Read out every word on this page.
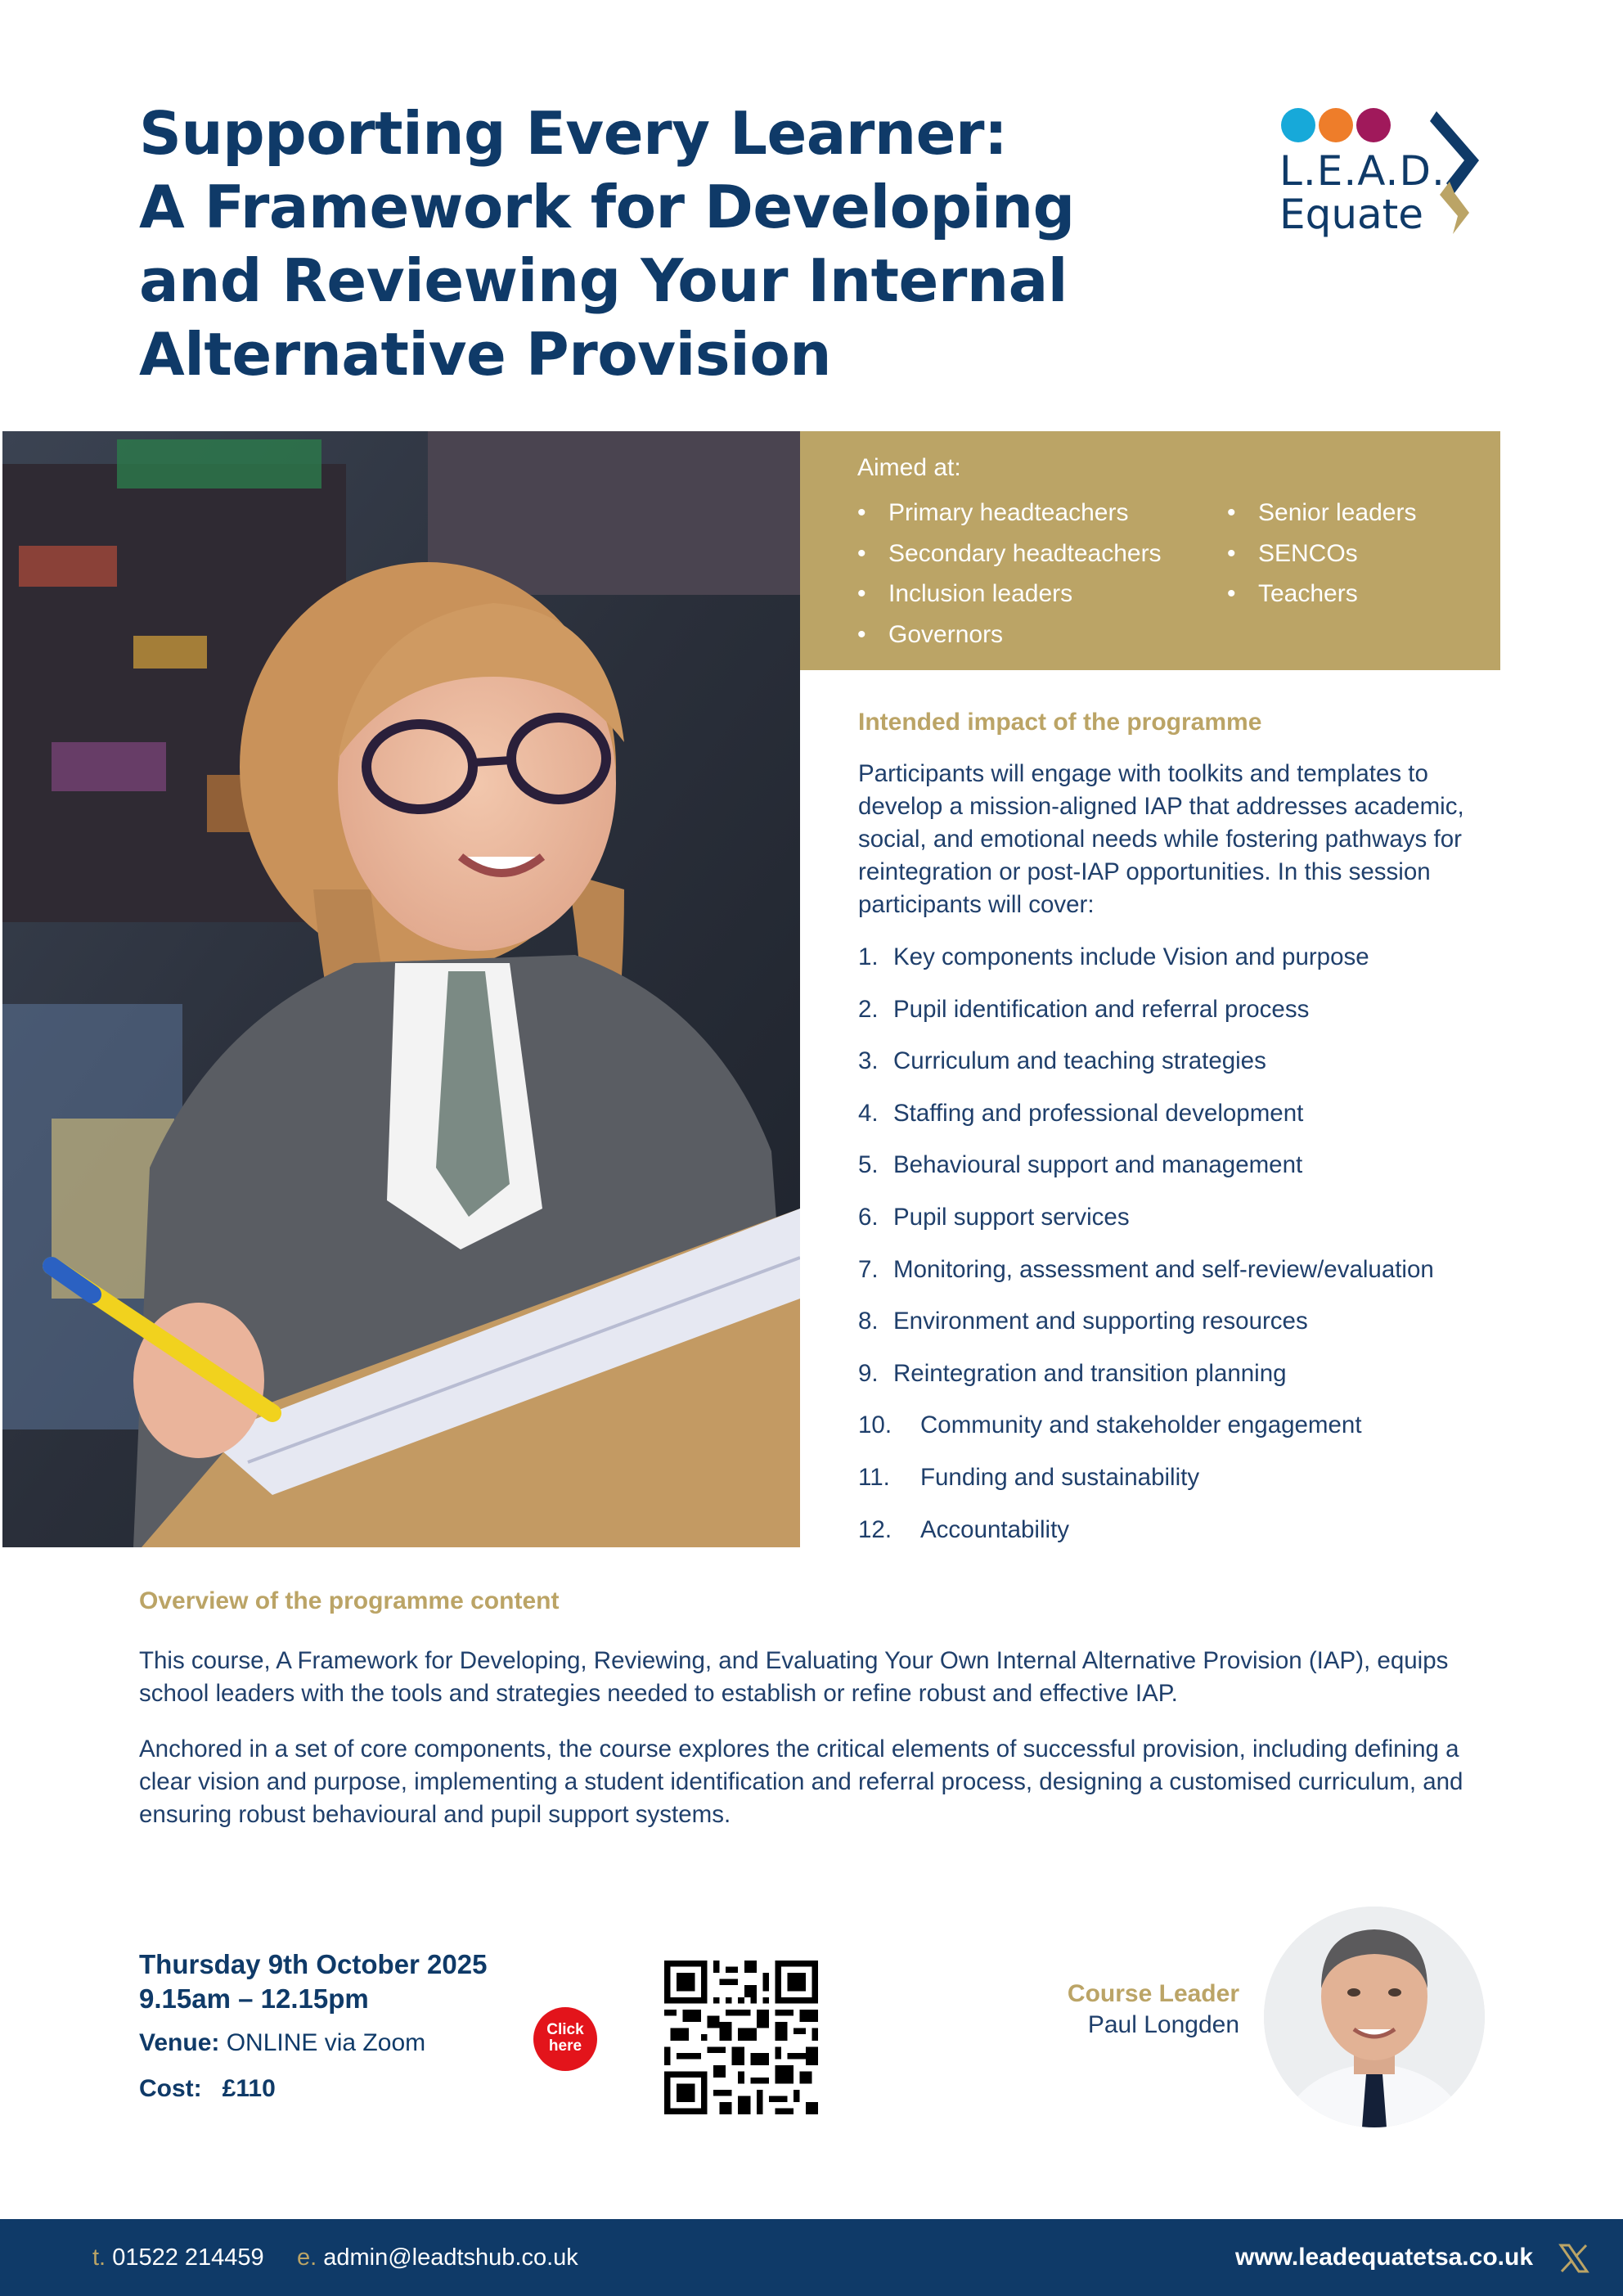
Supporting Every Learner:
A Framework for Developing
and Reviewing Your Internal
Alternative Provision
L.E.A.D.
Equate
Aimed at:
• Primary headteachers
• Secondary headteachers
• Inclusion leaders
• Governors
• Senior leaders
• SENCOs
• Teachers
Intended impact of the programme

Participants will engage with toolkits and templates to develop a mission-aligned IAP that addresses academic, social, and emotional needs while fostering pathways for reintegration or post-IAP opportunities. In this session participants will cover:

1. Key components include Vision and purpose
2. Pupil identification and referral process
3. Curriculum and teaching strategies
4. Staffing and professional development
5. Behavioural support and management
6. Pupil support services
7. Monitoring, assessment and self-review/evaluation
8. Environment and supporting resources
9. Reintegration and transition planning
10. Community and stakeholder engagement
11. Funding and sustainability
12. Accountability
Overview of the programme content

This course, A Framework for Developing, Reviewing, and Evaluating Your Own Internal Alternative Provision (IAP), equips school leaders with the tools and strategies needed to establish or refine robust and effective IAP.

Anchored in a set of core components, the course explores the critical elements of successful provision, including defining a clear vision and purpose, implementing a student identification and referral process, designing a customised curriculum, and ensuring robust behavioural and pupil support systems.

Thursday 9th October 2025
9.15am – 12.15pm
Venue: ONLINE via Zoom
Cost: £110
Click
here
Course Leader
Paul Longden
t. 01522 214459 e. admin@leadtshub.co.uk	www.leadequatetsa.co.uk
